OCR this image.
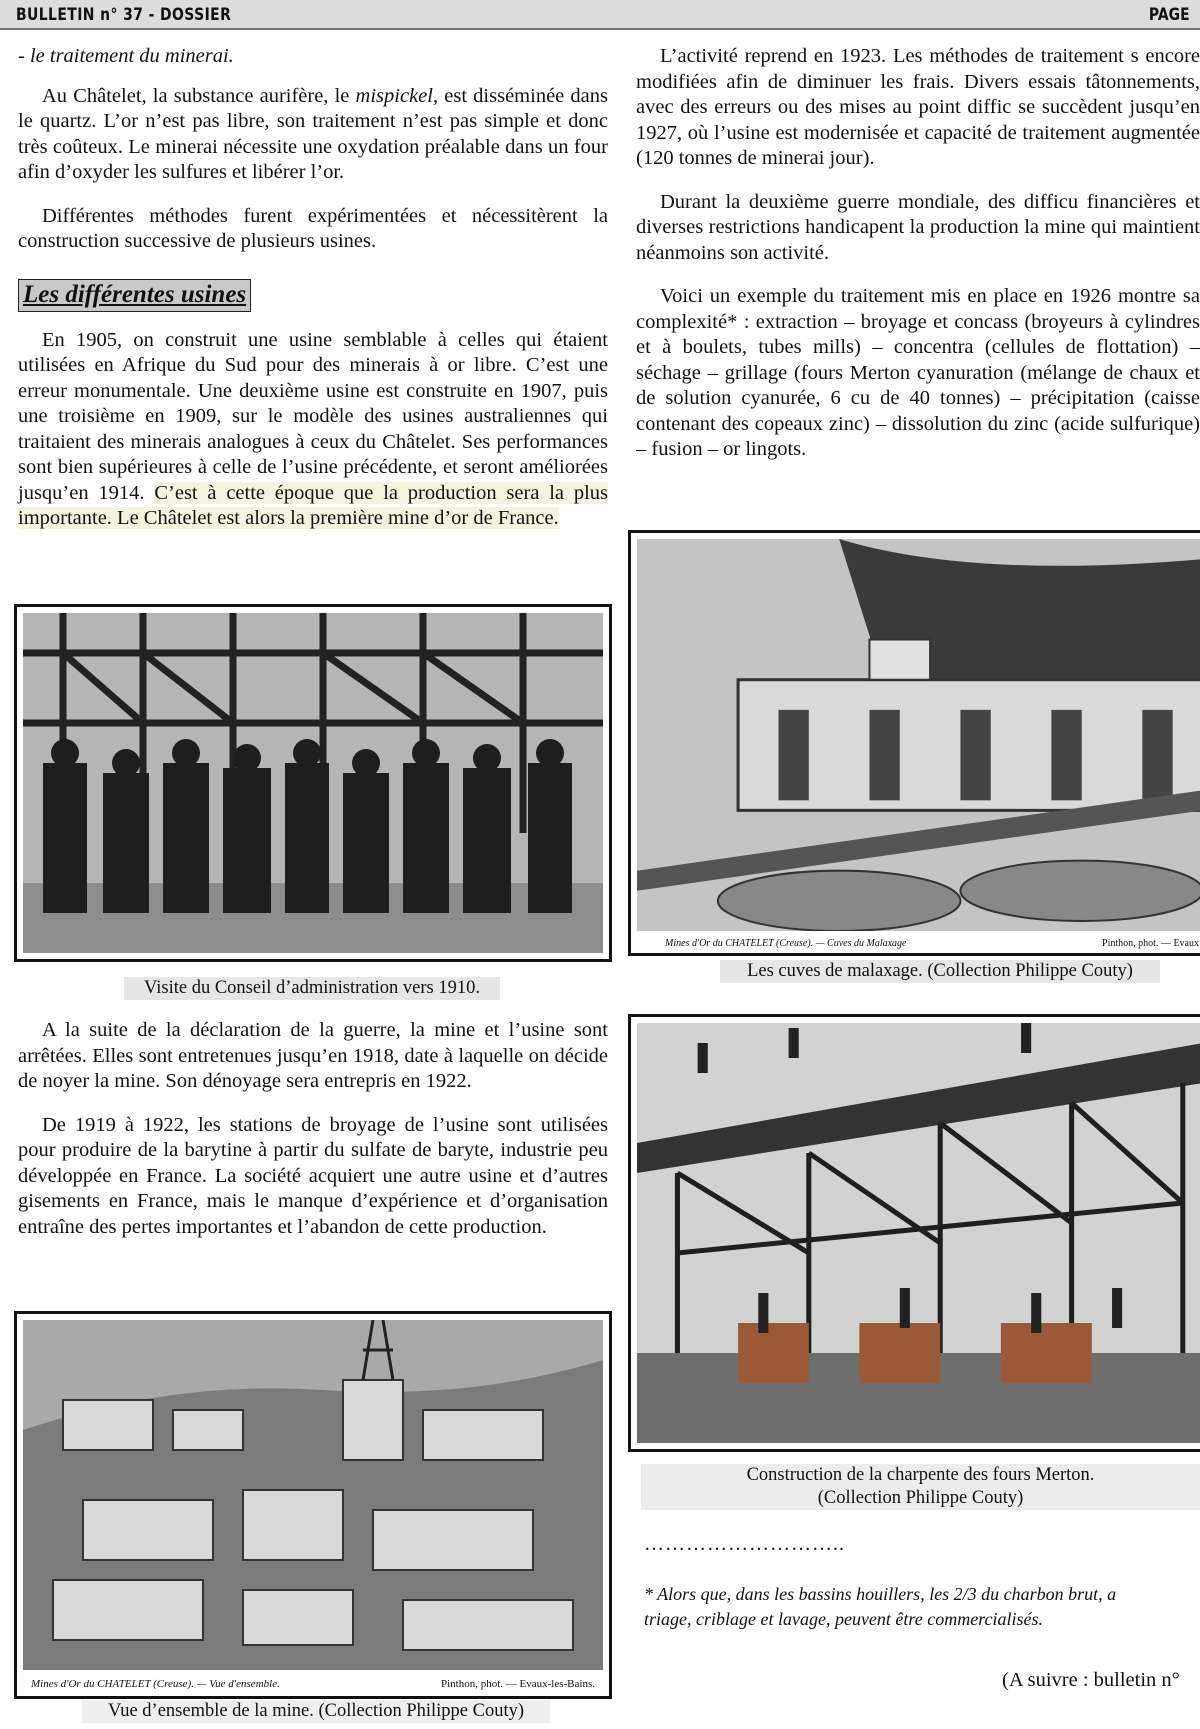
BULLETIN n° 37 - DOSSIER	PAGE

- le traitement du minerai.

Au Châtelet, la substance aurifère, le mispickel, est disséminée dans le quartz. L’or n’est pas libre, son traitement n’est pas simple et donc très coûteux. Le minerai nécessite une oxydation préalable dans un four afin d’oxyder les sulfures et libérer l’or.

Différentes méthodes furent expérimentées et nécessitèrent la construction successive de plusieurs usines.

Les différentes usines

En 1905, on construit une usine semblable à celles qui étaient utilisées en Afrique du Sud pour des minerais à or libre. C’est une erreur monumentale. Une deuxième usine est construite en 1907, puis une troisième en 1909, sur le modèle des usines australiennes qui traitaient des minerais analogues à ceux du Châtelet. Ses performances sont bien supérieures à celle de l’usine précédente, et seront améliorées jusqu’en 1914. C’est à cette époque que la production sera la plus importante. Le Châtelet est alors la première mine d’or de France.

Visite du Conseil d’administration vers 1910.

A la suite de la déclaration de la guerre, la mine et l’usine sont arrêtées. Elles sont entretenues jusqu’en 1918, date à laquelle on décide de noyer la mine. Son dénoyage sera entrepris en 1922.

De 1919 à 1922, les stations de broyage de l’usine sont utilisées pour produire de la barytine à partir du sulfate de baryte, industrie peu développée en France. La société acquiert une autre usine et d’autres gisements en France, mais le manque d’expérience et d’organisation entraîne des pertes importantes et l’abandon de cette production.

Mines d'Or du CHATELET (Creuse). — Vue d'ensemble.	Pinthon, phot. — Evaux-les-Bains.
Vue d’ensemble de la mine. (Collection Philippe Couty)

L’activité reprend en 1923. Les méthodes de traitement s encore modifiées afin de diminuer les frais. Divers essais tâtonnements, avec des erreurs ou des mises au point diffic se succèdent jusqu’en 1927, où l’usine est modernisée et capacité de traitement augmentée (120 tonnes de minerai jour).

Durant la deuxième guerre mondiale, des difficu financières et diverses restrictions handicapent la production la mine qui maintient néanmoins son activité.

Voici un exemple du traitement mis en place en 1926 montre sa complexité* : extraction – broyage et concass (broyeurs à cylindres et à boulets, tubes mills) – concentra (cellules de flottation) – séchage – grillage (fours Merton cyanuration (mélange de chaux et de solution cyanurée, 6 cu de 40 tonnes) – précipitation (caisse contenant des copeaux zinc) – dissolution du zinc (acide sulfurique) – fusion – or lingots.

Mines d'Or du CHATELET (Creuse). — Cuves du Malaxage	Pinthon, phot. — Evaux
Les cuves de malaxage. (Collection Philippe Couty)
Construction de la charpente des fours Merton.
(Collection Philippe Couty)
………………………..
* Alors que, dans les bassins houillers, les 2/3 du charbon brut, a
triage, criblage et lavage, peuvent être commercialisés.
(A suivre : bulletin n°
